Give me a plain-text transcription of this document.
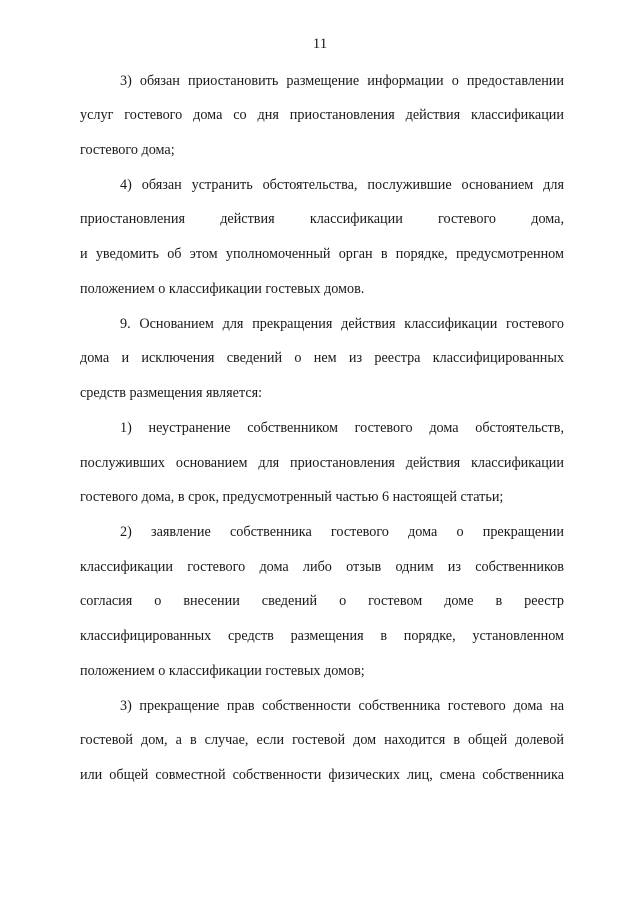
11
3) обязан приостановить размещение информации о предоставлении
услуг гостевого дома со дня приостановления действия классификации
гостевого дома;
4) обязан устранить обстоятельства, послужившие основанием для
приостановления действия классификации гостевого дома,
и уведомить об этом уполномоченный орган в порядке, предусмотренном
положением о классификации гостевых домов.
9. Основанием для прекращения действия классификации гостевого
дома и исключения сведений о нем из реестра классифицированных
средств размещения является:
1) неустранение собственником гостевого дома обстоятельств,
послуживших основанием для приостановления действия классификации
гостевого дома, в срок, предусмотренный частью 6 настоящей статьи;
2) заявление собственника гостевого дома о прекращении
классификации гостевого дома либо отзыв одним из собственников
согласия о внесении сведений о гостевом доме в реестр
классифицированных средств размещения в порядке, установленном
положением о классификации гостевых домов;
3) прекращение прав собственности собственника гостевого дома на
гостевой дом, а в случае, если гостевой дом находится в общей долевой
или общей совместной собственности физических лиц, смена собственника
